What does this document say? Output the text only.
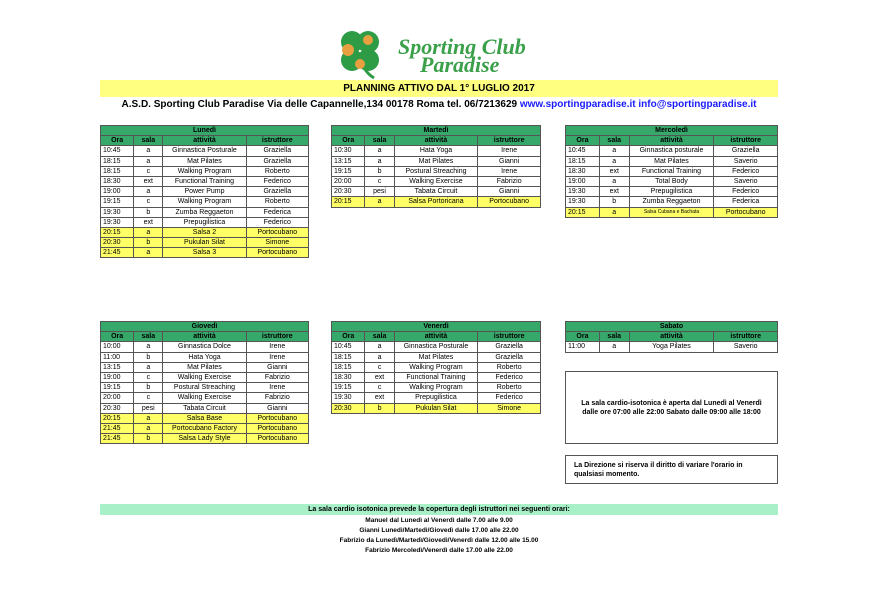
Sporting Club
Paradise
PLANNING ATTIVO DAL 1° LUGLIO 2017
A.S.D. Sporting Club Paradise Via delle Capannelle,134 00178 Roma tel. 06/7213629 www.sportingparadise.it info@sportingparadise.it
Lunedì			
Ora	sala	attività	istruttore
10:45	a	Ginnastica Posturale	Graziella
18:15	a	Mat Pilates	Graziella
18:15	c	Walking Program	Roberto
18:30	ext	Functional Training	Federico
19:00	a	Power Pump	Graziella
19:15	c	Walking Program	Roberto
19:30	b	Zumba Reggaeton	Federica
19:30	ext	Prepugilistica	Federico
20:15	a	Salsa 2	Portocubano
20:30	b	Pukulan Silat	Simone
21:45	a	Salsa 3	Portocubano
Martedì			
Ora	sala	attività	istruttore
10:30	a	Hata Yoga	Irene
13:15	a	Mat Pilates	Gianni
19:15	b	Postural Streaching	Irene
20:00	c	Walking Exercise	Fabrizio
20:30	pesi	Tabata Circuit	Gianni
20:15	a	Salsa Portoricana	Portocubano
Mercoledì			
Ora	sala	attività	istruttore
10:45	a	Ginnastica posturale	Graziella
18:15	a	Mat Pilates	Saverio
18:30	ext	Functional Training	Federico
19:00	a	Total Body	Saverio
19:30	ext	Prepugilistica	Federico
19:30	b	Zumba Reggaeton	Federica
20:15	a	Salsa Cubana e Bachata	Portocubano
Giovedì			
Ora	sala	attività	istruttore
10:00	a	Ginnastica Dolce	Irene
11:00	b	Hata Yoga	Irene
13:15	a	Mat Pilates	Gianni
19:00	c	Walking Exercise	Fabrizio
19:15	b	Postural Streaching	Irene
20:00	c	Walking Exercise	Fabrizio
20:30	pesi	Tabata Circuit	Gianni
20:15	a	Salsa Base	Portocubano
21:45	a	Portocubano Factory	Portocubano
21:45	b	Salsa Lady Style	Portocubano
Venerdì			
Ora	sala	attività	istruttore
10:45	a	Ginnastica Posturale	Graziella
18:15	a	Mat Pilates	Graziella
18:15	c	Walking Program	Roberto
18:30	ext	Functional Training	Federico
19:15	c	Walking Program	Roberto
19:30	ext	Prepugilistica	Federico
20:30	b	Pukulan Silat	Simone
Sabato			
Ora	sala	attività	istruttore
11:00	a	Yoga Pilates	Saverio
La sala cardio-isotonica è aperta dal Lunedì al Venerdì dalle ore 07:00 alle 22:00 Sabato dalle 09:00 alle 18:00
La Direzione si riserva il diritto di variare l'orario in qualsiasi momento.
La sala cardio isotonica prevede la copertura degli istruttori nei seguenti orari:
Manuel dal Lunedì al Venerdì dalle 7.00 alle 9.00
Gianni Lunedì/Martedì/Giovedì dalle 17.00 alle 22.00
Fabrizio da Lunedì/Martedì/Giovedì/Venerdì dalle 12.00 alle 15.00
Fabrizio Mercoledì/Venerdì dalle 17.00 alle 22.00
